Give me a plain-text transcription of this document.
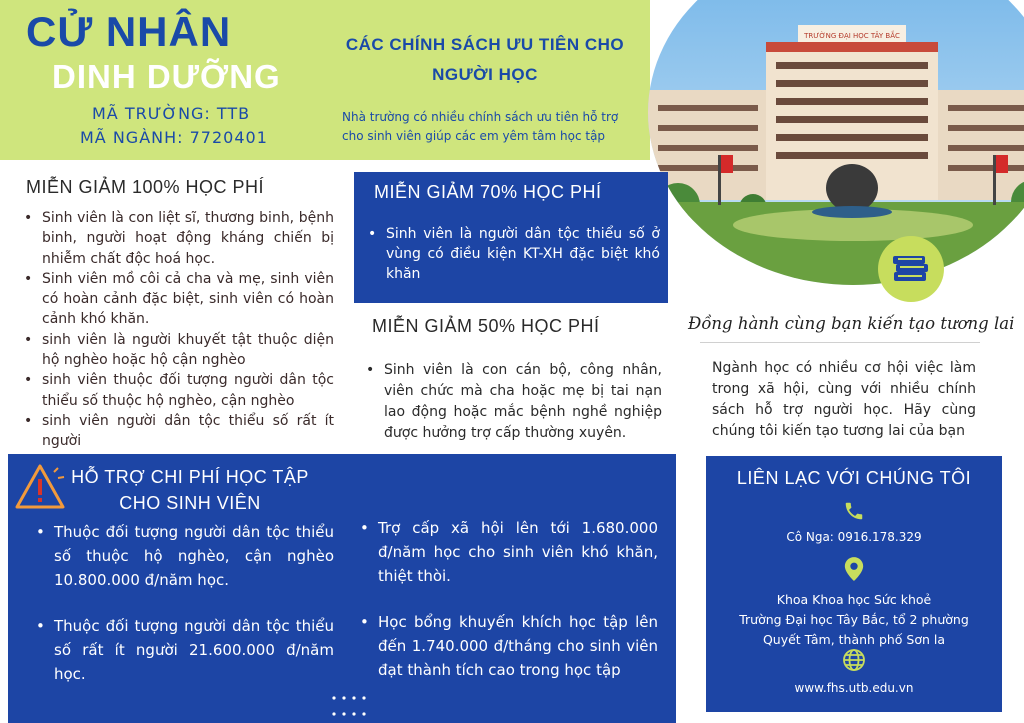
CỬ NHÂN
DINH DƯỠNG
MÃ TRƯỜNG: TTB
MÃ NGÀNH: 7720401
CÁC CHÍNH SÁCH ƯU TIÊN CHO NGƯỜI HỌC
Nhà trường có nhiều chính sách ưu tiên hỗ trợ cho sinh viên giúp các em yêm tâm học tập
TRƯỜNG ĐẠI HỌC TÂY BẮC
MIỄN GIẢM 100% HỌC PHÍ
• Sinh viên là con liệt sĩ, thương binh, bệnh binh, người hoạt động kháng chiến bị nhiễm chất độc hoá học.
• Sinh viên mồ côi cả cha và mẹ, sinh viên có hoàn cảnh đặc biệt, sinh viên có hoàn cảnh khó khăn.
• sinh viên là người khuyết tật thuộc diện hộ nghèo hoặc hộ cận nghèo
• sinh viên thuộc đối tượng người dân tộc thiểu số thuộc hộ nghèo, cận nghèo
• sinh viên người dân tộc thiểu số rất ít người
MIỄN GIẢM 70% HỌC PHÍ
• Sinh viên là người dân tộc thiểu số ở vùng có điều kiện KT-XH đặc biệt khó khăn
MIỄN GIẢM 50% HỌC PHÍ
• Sinh viên là con cán bộ, công nhân, viên chức mà cha hoặc mẹ bị tai nạn lao động hoặc mắc bệnh nghề nghiệp được hưởng trợ cấp thường xuyên.
Đồng hành cùng bạn kiến tạo tương lai
Ngành học có nhiều cơ hội việc làm trong xã hội, cùng với nhiều chính sách hỗ trợ người học. Hãy cùng chúng tôi kiến tạo tương lai của bạn
HỖ TRỢ CHI PHÍ HỌC TẬP CHO SINH VIÊN
• Thuộc đối tượng người dân tộc thiểu số thuộc hộ nghèo, cận nghèo 10.800.000 đ/năm học.
• Thuộc đối tượng người dân tộc thiểu số rất ít người 21.600.000 đ/năm học.
• Trợ cấp xã hội lên tới 1.680.000 đ/năm học cho sinh viên khó khăn, thiệt thòi.
• Học bổng khuyến khích học tập lên đến 1.740.000 đ/tháng cho sinh viên đạt thành tích cao trong học tập
LIÊN LẠC VỚI CHÚNG TÔI
Cô Nga: 0916.178.329
Khoa Khoa học Sức khoẻ
Trường Đại học Tây Bắc, tổ 2 phường
Quyết Tâm, thành phố Sơn la
www.fhs.utb.edu.vn
